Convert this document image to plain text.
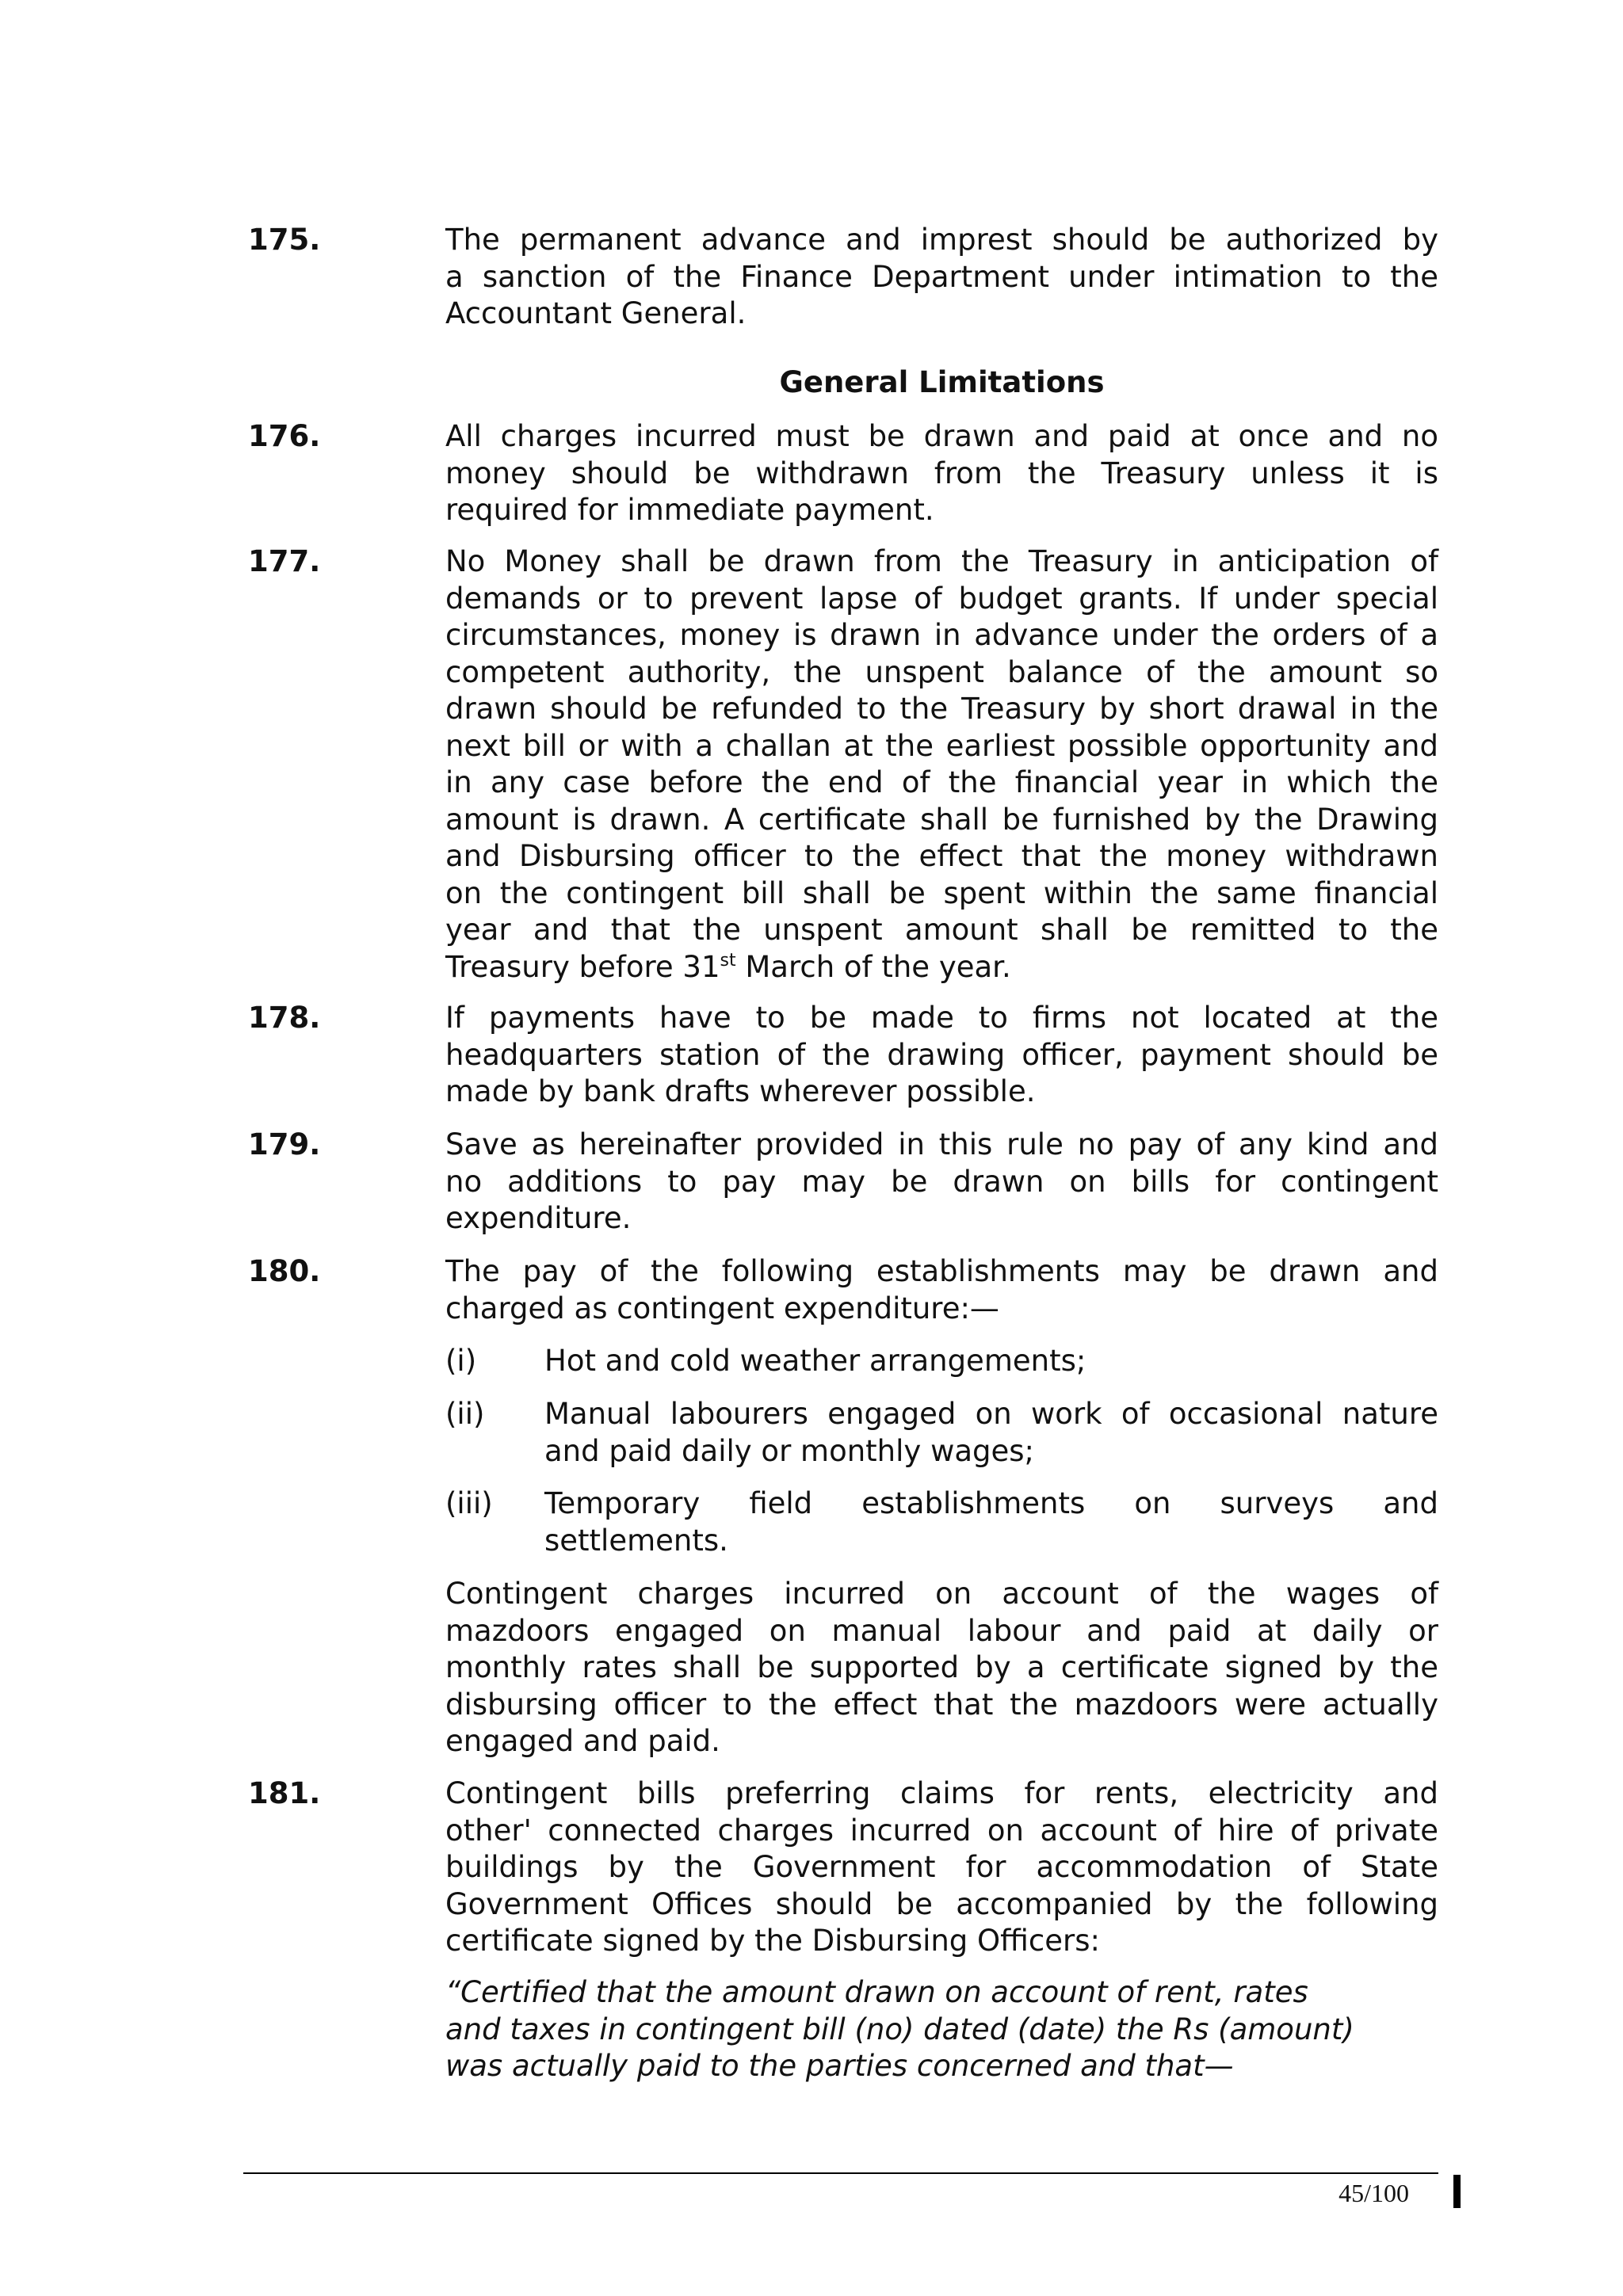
175.	The permanent advance and imprest should be authorized by
a sanction of the Finance Department under intimation to the
Accountant General.
General Limitations
176.	All charges incurred must be drawn and paid at once and no
money should be withdrawn from the Treasury unless it is
required for immediate payment.
177.	No Money shall be drawn from the Treasury in anticipation of
demands or to prevent lapse of budget grants. If under special
circumstances, money is drawn in advance under the orders of a
competent authority, the unspent balance of the amount so
drawn should be refunded to the Treasury by short drawal in the
next bill or with a challan at the earliest possible opportunity and
in any case before the end of the financial year in which the
amount is drawn. A certificate shall be furnished by the Drawing
and Disbursing officer to the effect that the money withdrawn
on the contingent bill shall be spent within the same financial
year and that the unspent amount shall be remitted to the
Treasury before 31st March of the year.
178.	If payments have to be made to firms not located at the
headquarters station of the drawing officer, payment should be
made by bank drafts wherever possible.
179.	Save as hereinafter provided in this rule no pay of any kind and
no additions to pay may be drawn on bills for contingent
expenditure.
180.	The pay of the following establishments may be drawn and
charged as contingent expenditure:—
(i) Hot and cold weather arrangements;
(ii) Manual labourers engaged on work of occasional nature
and paid daily or monthly wages;
(iii) Temporary field establishments on surveys and
settlements.
Contingent charges incurred on account of the wages of
mazdoors engaged on manual labour and paid at daily or
monthly rates shall be supported by a certificate signed by the
disbursing officer to the effect that the mazdoors were actually
engaged and paid.
181.	Contingent bills preferring claims for rents, electricity and
other' connected charges incurred on account of hire of private
buildings by the Government for accommodation of State
Government Offices should be accompanied by the following
certificate signed by the Disbursing Officers:
“Certified that the amount drawn on account of rent, rates
and taxes in contingent bill (no) dated (date) the Rs (amount)
was actually paid to the parties concerned and that—
45/100
